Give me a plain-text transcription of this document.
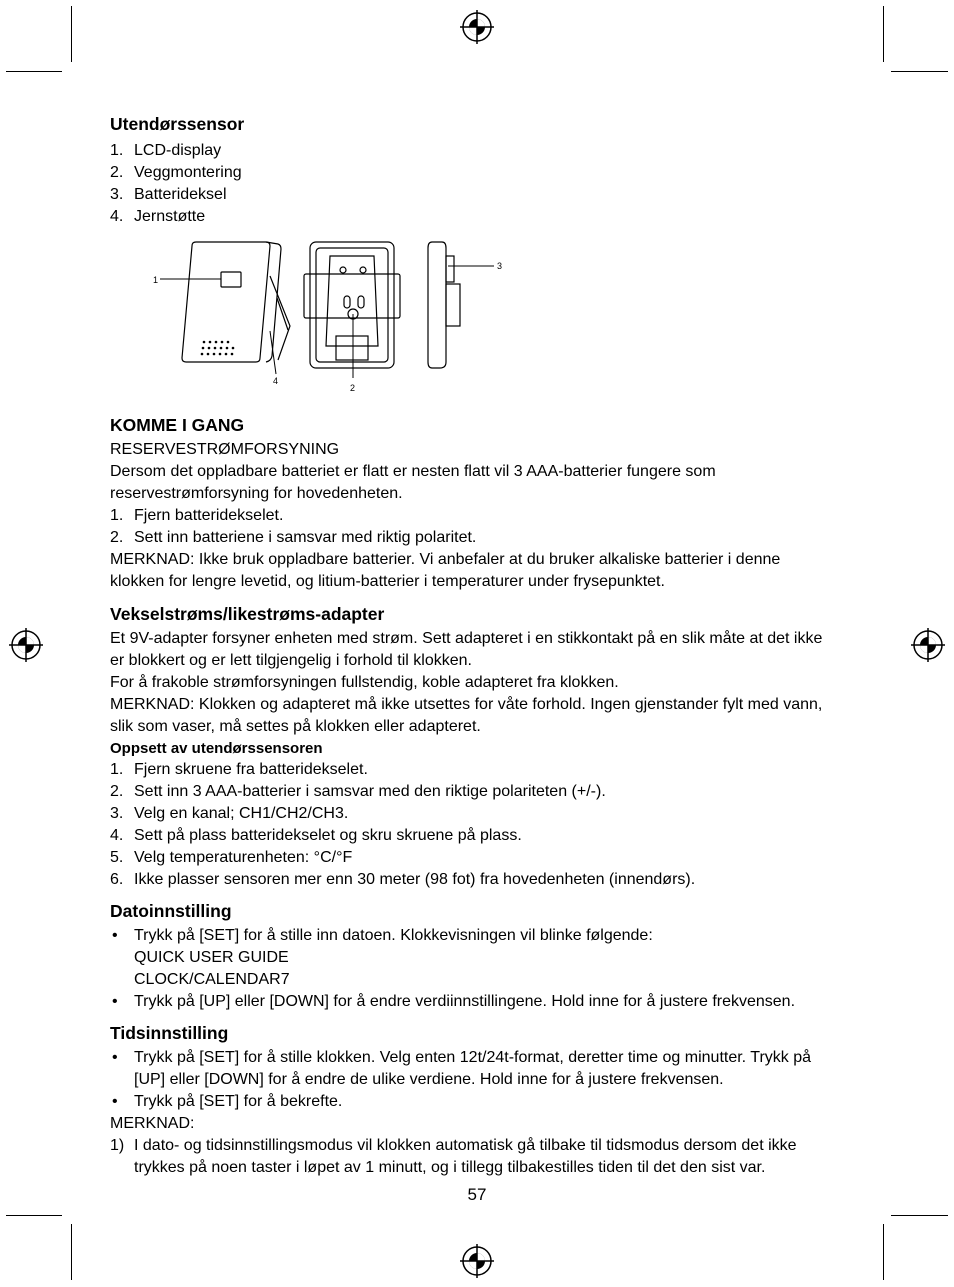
Utendørssensor
1. LCD-display
2. Veggmontering
3. Batterideksel
4. Jernstøtte
1
4
2
3
KOMME I GANG
RESERVESTRØMFORSYNING
Dersom det oppladbare batteriet er flatt er nesten flatt vil 3 AAA-batterier fungere som
reservestrømforsyning for hovedenheten.
1. Fjern batteridekselet.
2. Sett inn batteriene i samsvar med riktig polaritet.
MERKNAD: Ikke bruk oppladbare batterier. Vi anbefaler at du bruker alkaliske batterier i denne
klokken for lengre levetid, og litium-batterier i temperaturer under frysepunktet.
Vekselstrøms/likestrøms-adapter
Et 9V-adapter forsyner enheten med strøm. Sett adapteret i en stikkontakt på en slik måte at det ikke
er blokkert og er lett tilgjengelig i forhold til klokken.
For å frakoble strømforsyningen fullstendig, koble adapteret fra klokken.
MERKNAD: Klokken og adapteret må ikke utsettes for våte forhold. Ingen gjenstander fylt med vann,
slik som vaser, må settes på klokken eller adapteret.
Oppsett av utendørssensoren
1. Fjern skruene fra batteridekselet.
2. Sett inn 3 AAA-batterier i samsvar med den riktige polariteten (+/-).
3. Velg en kanal; CH1/CH2/CH3.
4. Sett på plass batteridekselet og skru skruene på plass.
5. Velg temperaturenheten: °C/°F
6. Ikke plasser sensoren mer enn 30 meter (98 fot) fra hovedenheten (innendørs).
Datoinnstilling
• Trykk på [SET] for å stille inn datoen. Klokkevisningen vil blinke følgende:
QUICK USER GUIDE
CLOCK/CALENDAR7
• Trykk på [UP] eller [DOWN] for å endre verdiinnstillingene. Hold inne for å justere frekvensen.
Tidsinnstilling
• Trykk på [SET] for å stille klokken. Velg enten 12t/24t-format, deretter time og minutter. Trykk på
[UP] eller [DOWN] for å endre de ulike verdiene. Hold inne for å justere frekvensen.
• Trykk på [SET] for å bekrefte.
MERKNAD:
1) I dato- og tidsinnstillingsmodus vil klokken automatisk gå tilbake til tidsmodus dersom det ikke
trykkes på noen taster i løpet av 1 minutt, og i tillegg tilbakestilles tiden til det den sist var.
57
